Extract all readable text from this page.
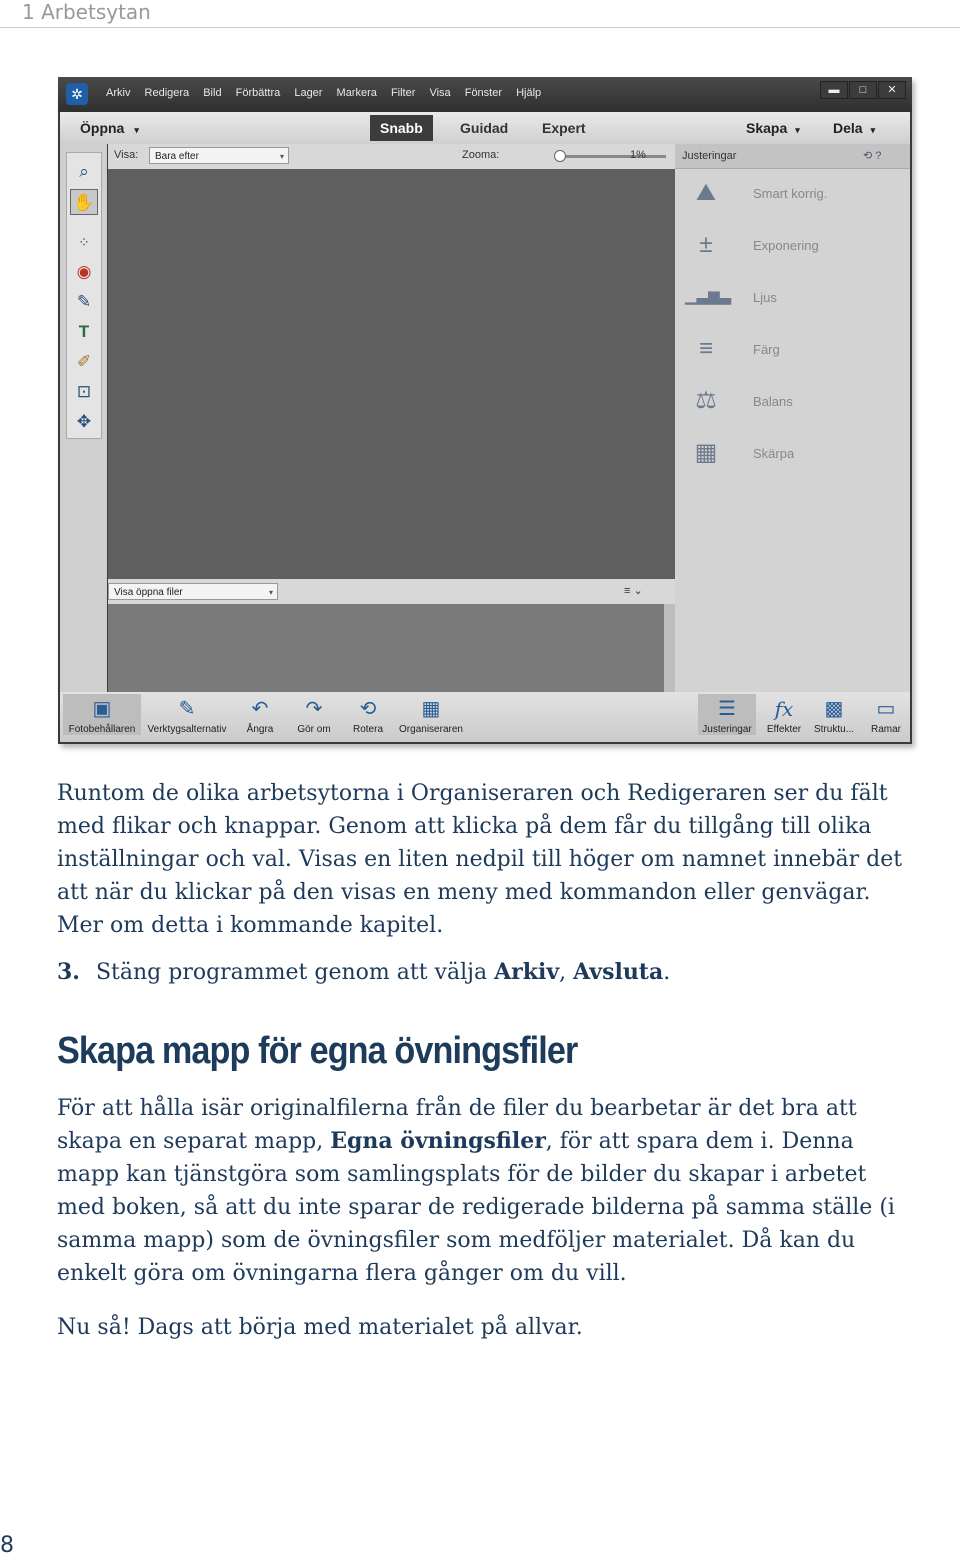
1 Arbetsytan
✲	Arkiv Redigera Bild Förbättra Lager Markera Filter Visa Fönster Hjälp	▬ □ ✕
Öppna ▾	Snabb	Guidad	Expert	Skapa ▾ Dela ▾
⌕
✋
⁘
◉
✎
T
✐
⊡
✥
Visa:	Bara efter	▾	Zooma:	1%
Visa öppna filer	▾	≡ ⌄
Justeringar	⟲ ?
⛰	Smart korrig.
±	Exponering
▁▃▆▃ Ljus
≡	Färg
⚖	Balans
▦	Skärpa
▣
Fotobehållaren
✎
Verktygsalternativ
↶
Ångra
↷
Gör om
⟲
Rotera
▦
Organiseraren
☰
Justeringar
fx
Effekter
▩
Struktu...
▭
Ramar

Runtom de olika arbetsytorna i Organiseraren och Redigeraren ser du fält med flikar och knappar. Genom att klicka på dem får du tillgång till olika inställningar och val. Visas en liten nedpil till höger om namnet innebär det att när du klickar på den visas en meny med kommandon eller genvägar. Mer om detta i kommande kapitel.

3. Stäng programmet genom att välja Arkiv, Avsluta.
Skapa mapp för egna övningsfiler

För att hålla isär originalfilerna från de filer du bearbetar är det bra att skapa en separat mapp, Egna övningsfiler, för att spara dem i. Denna mapp kan tjänstgöra som samlingsplats för de bilder du skapar i arbetet med boken, så att du inte sparar de redigerade bilderna på samma ställe (i samma mapp) som de övningsfiler som medföljer materialet. Då kan du enkelt göra om övningarna flera gånger om du vill.

Nu så! Dags att börja med materialet på allvar.

8
